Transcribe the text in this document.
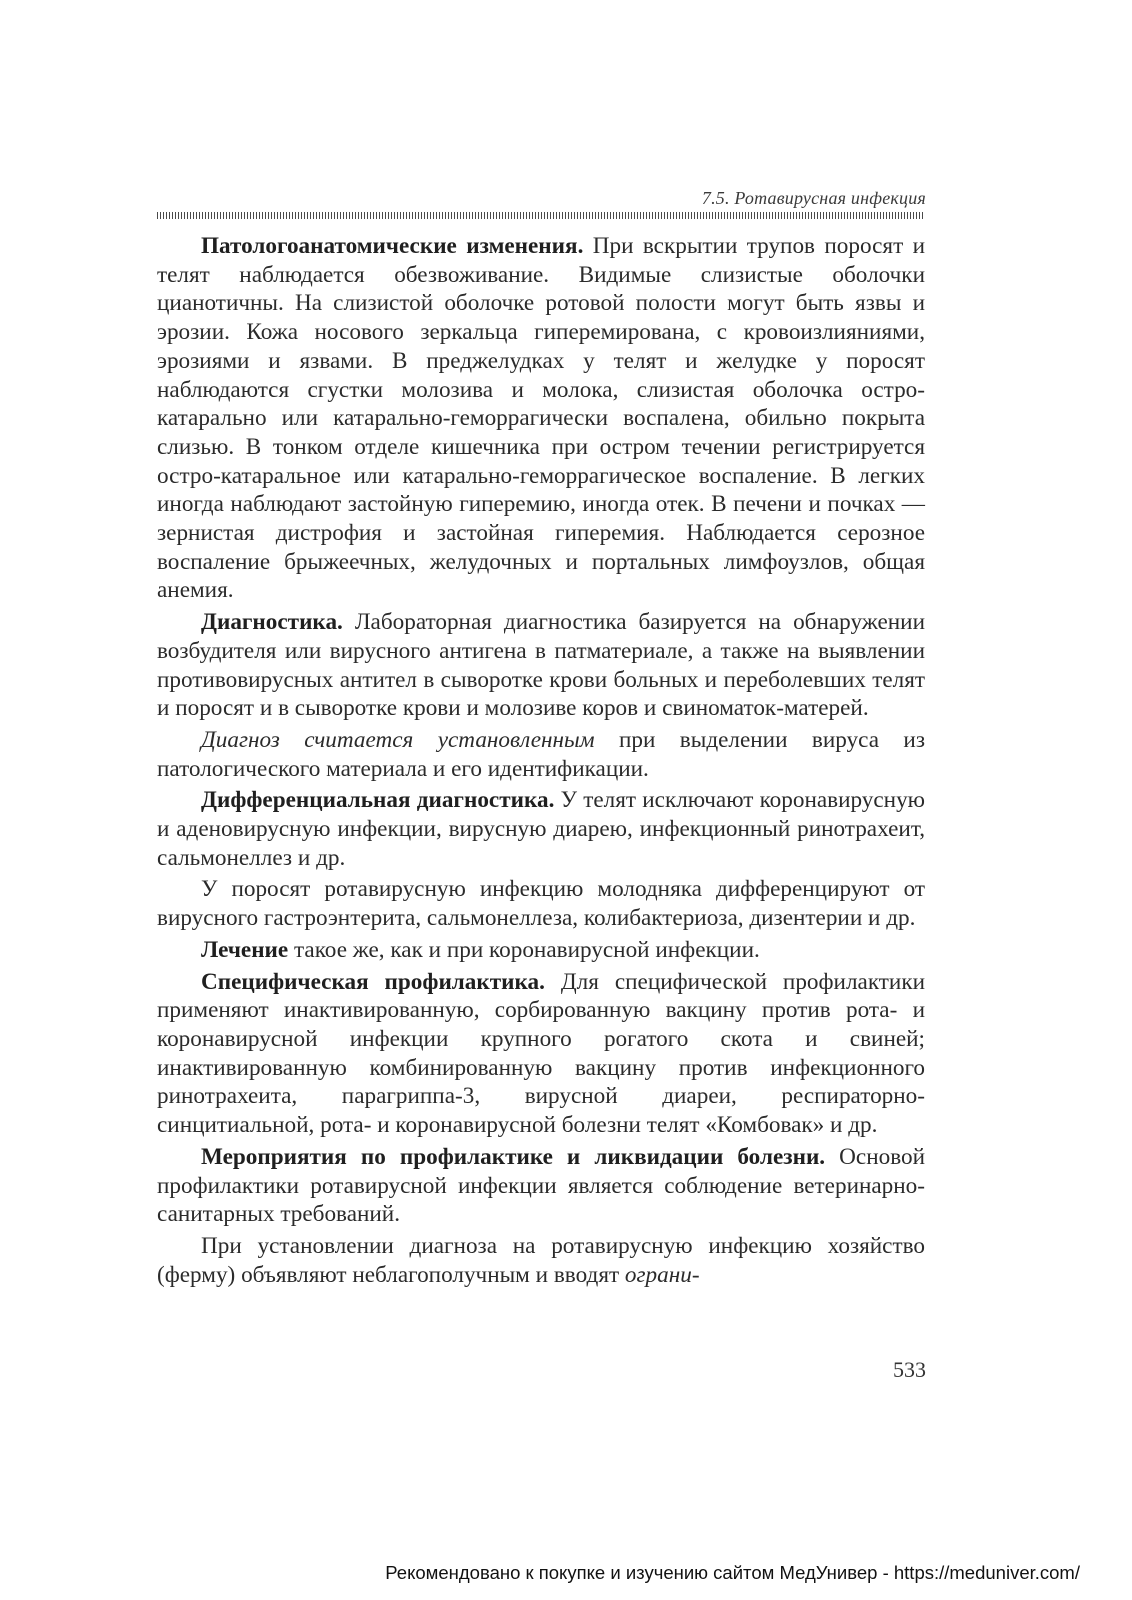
7.5. Ротавирусная инфекция

Патологоанатомические изменения. При вскрытии трупов поросят и телят наблюдается обезвоживание. Видимые слизистые оболочки цианотичны. На слизистой оболочке ротовой полости могут быть язвы и эрозии. Кожа носового зеркальца гиперемирована, с кровоизлияниями, эрозиями и язвами. В преджелудках у телят и желудке у поросят наблюдаются сгустки молозива и молока, слизистая оболочка остро-катарально или катарально-геморрагически воспалена, обильно покрыта слизью. В тонком отделе кишечника при остром течении регистрируется остро-катаральное или катарально-геморрагическое воспаление. В легких иногда наблюдают застойную гиперемию, иногда отек. В печени и почках — зернистая дистрофия и застойная гиперемия. Наблюдается серозное воспаление брыжеечных, желудочных и портальных лимфоузлов, общая анемия.

Диагностика. Лабораторная диагностика базируется на обнаружении возбудителя или вирусного антигена в патматериале, а также на выявлении противовирусных антител в сыворотке крови больных и переболевших телят и поросят и в сыворотке крови и молозиве коров и свиноматок-матерей.

Диагноз считается установленным при выделении вируса из патологического материала и его идентификации.

Дифференциальная диагностика. У телят исключают коронавирусную и аденовирусную инфекции, вирусную диарею, инфекционный ринотрахеит, сальмонеллез и др.

У поросят ротавирусную инфекцию молодняка дифференцируют от вирусного гастроэнтерита, сальмонеллеза, колибактериоза, дизентерии и др.

Лечение такое же, как и при коронавирусной инфекции.

Специфическая профилактика. Для специфической профилактики применяют инактивированную, сорбированную вакцину против рота- и коронавирусной инфекции крупного рогатого скота и свиней; инактивированную комбинированную вакцину против инфекционного ринотрахеита, парагриппа-3, вирусной диареи, респираторно-синцитиальной, рота- и коронавирусной болезни телят «Комбовак» и др.

Мероприятия по профилактике и ликвидации болезни. Основой профилактики ротавирусной инфекции является соблюдение ветеринарно-санитарных требований.

При установлении диагноза на ротавирусную инфекцию хозяйство (ферму) объявляют неблагополучным и вводят ограни-

533
Рекомендовано к покупке и изучению сайтом МедУнивер - https://meduniver.com/
